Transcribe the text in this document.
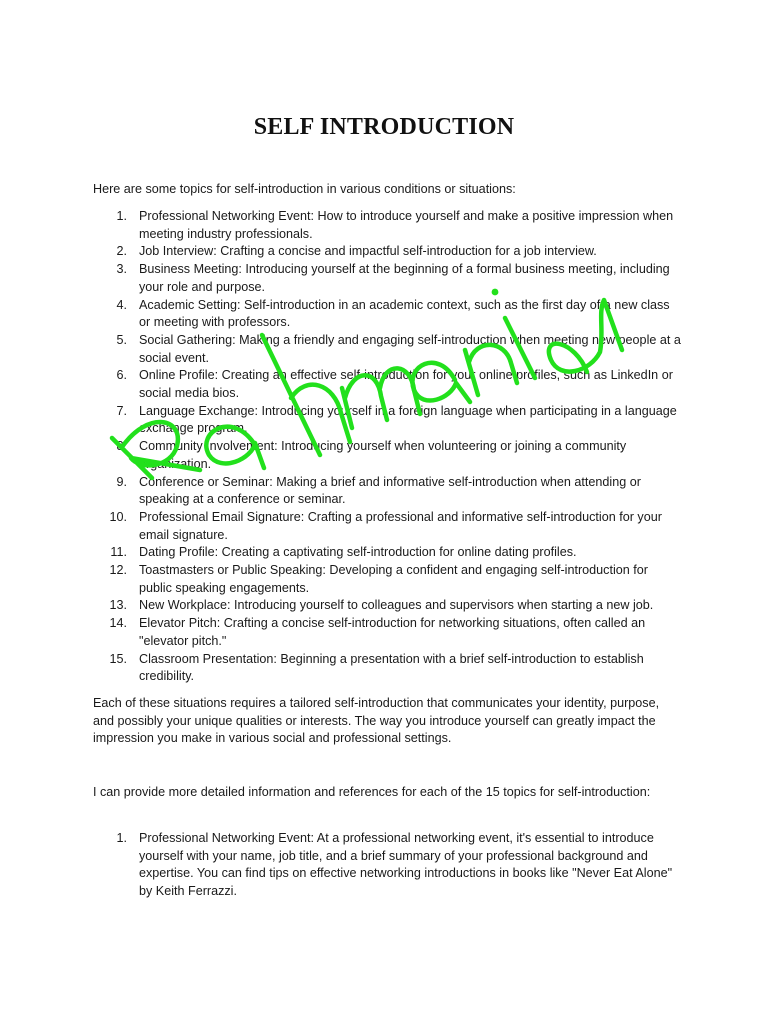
SELF INTRODUCTION

Here are some topics for self-introduction in various conditions or situations:

1. Professional Networking Event: How to introduce yourself and make a positive impression when meeting industry professionals.
2. Job Interview: Crafting a concise and impactful self-introduction for a job interview.
3. Business Meeting: Introducing yourself at the beginning of a formal business meeting, including your role and purpose.
4. Academic Setting: Self-introduction in an academic context, such as the first day of a new class or meeting with professors.
5. Social Gathering: Making a friendly and engaging self-introduction when meeting new people at a social event.
6. Online Profile: Creating an effective self-introduction for your online profiles, such as LinkedIn or social media bios.
7. Language Exchange: Introducing yourself in a foreign language when participating in a language exchange program.
8. Community Involvement: Introducing yourself when volunteering or joining a community organization.
9. Conference or Seminar: Making a brief and informative self-introduction when attending or speaking at a conference or seminar.
10. Professional Email Signature: Crafting a professional and informative self-introduction for your email signature.
11. Dating Profile: Creating a captivating self-introduction for online dating profiles.
12. Toastmasters or Public Speaking: Developing a confident and engaging self-introduction for public speaking engagements.
13. New Workplace: Introducing yourself to colleagues and supervisors when starting a new job.
14. Elevator Pitch: Crafting a concise self-introduction for networking situations, often called an "elevator pitch."
15. Classroom Presentation: Beginning a presentation with a brief self-introduction to establish credibility.

Each of these situations requires a tailored self-introduction that communicates your identity, purpose, and possibly your unique qualities or interests. The way you introduce yourself can greatly impact the impression you make in various social and professional settings.

I can provide more detailed information and references for each of the 15 topics for self-introduction:

1. Professional Networking Event: At a professional networking event, it's essential to introduce yourself with your name, job title, and a brief summary of your professional background and expertise. You can find tips on effective networking introductions in books like "Never Eat Alone" by Keith Ferrazzi.
